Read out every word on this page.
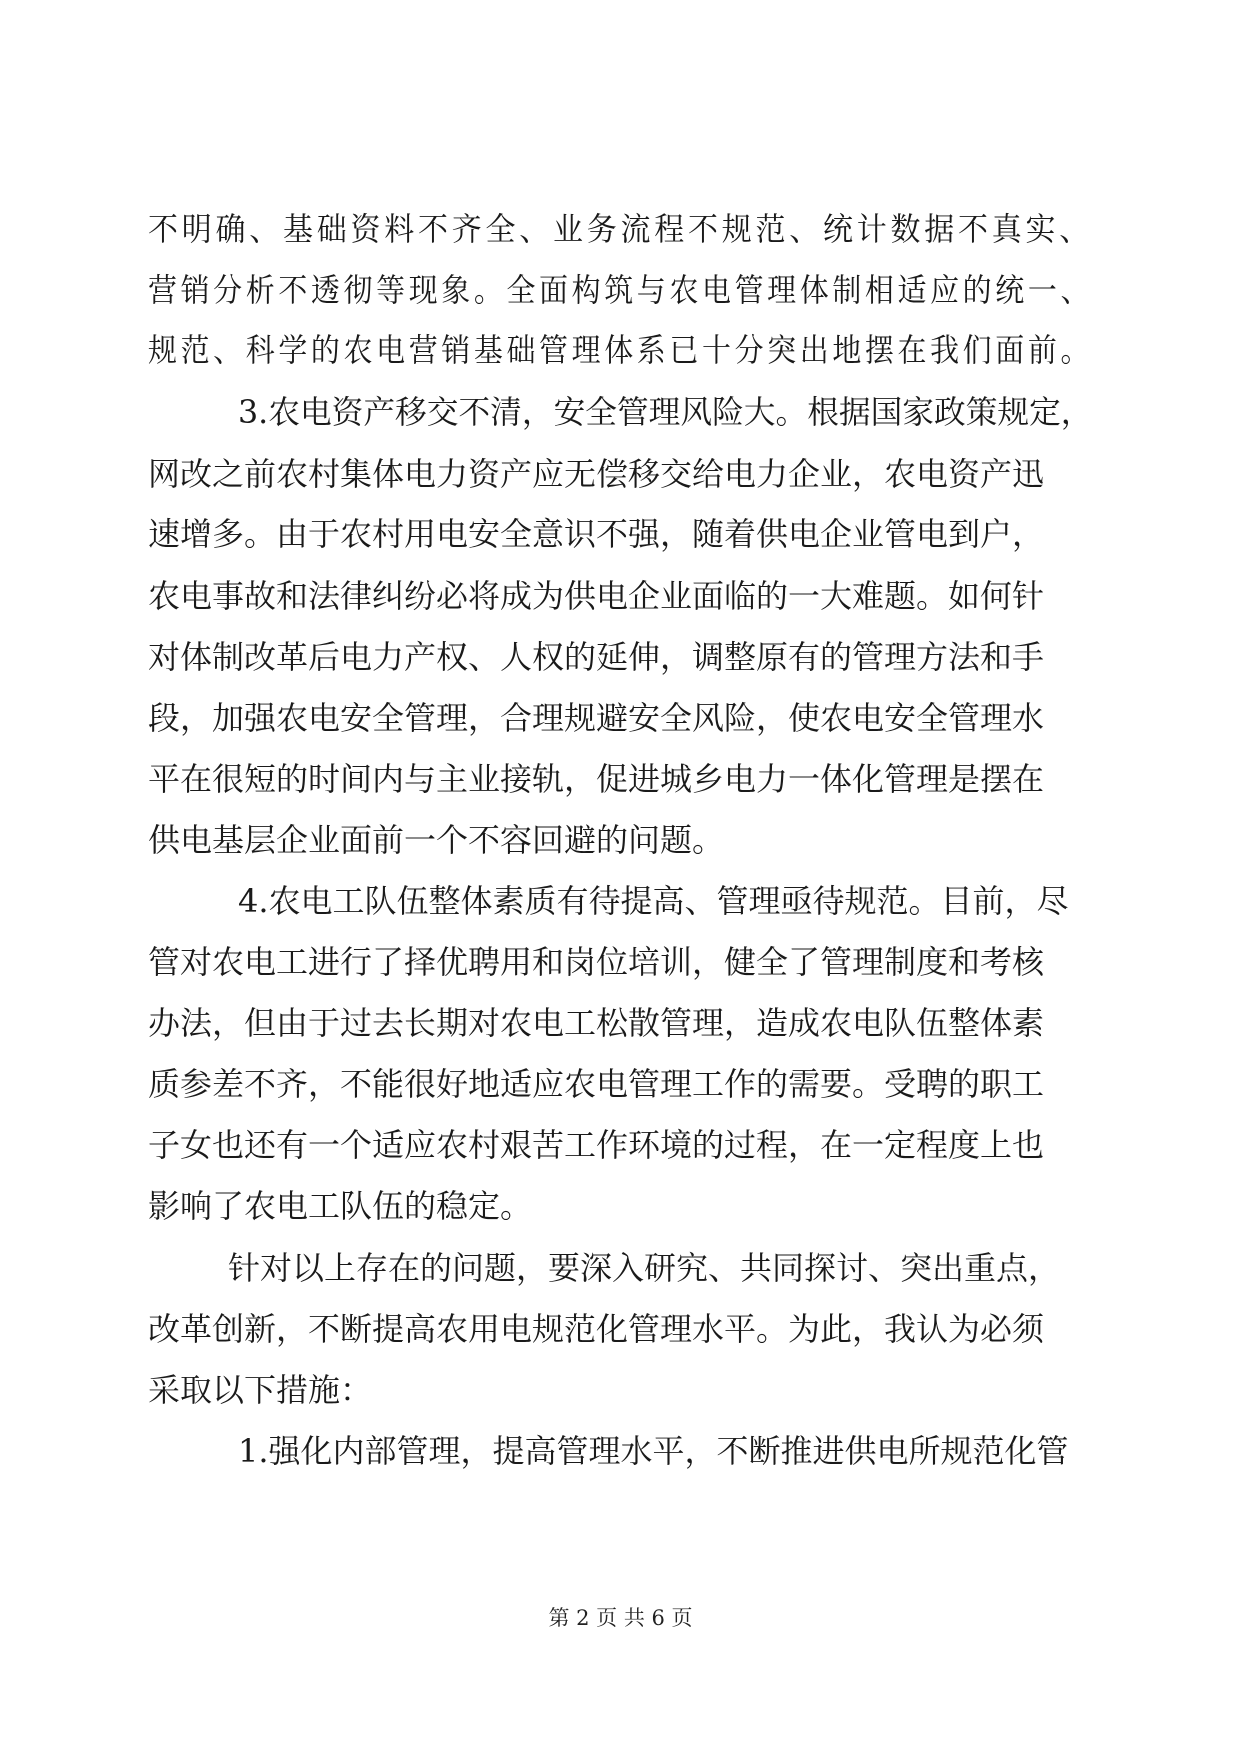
不明确、基础资料不齐全、业务流程不规范、统计数据不真实、
营销分析不透彻等现象。全面构筑与农电管理体制相适应的统一、
规范、科学的农电营销基础管理体系已十分突出地摆在我们面前。
3.农电资产移交不清，安全管理风险大。根据国家政策规定，
网改之前农村集体电力资产应无偿移交给电力企业，农电资产迅
速增多。由于农村用电安全意识不强，随着供电企业管电到户，
农电事故和法律纠纷必将成为供电企业面临的一大难题。如何针
对体制改革后电力产权、人权的延伸，调整原有的管理方法和手
段，加强农电安全管理，合理规避安全风险，使农电安全管理水
平在很短的时间内与主业接轨，促进城乡电力一体化管理是摆在
供电基层企业面前一个不容回避的问题。
4.农电工队伍整体素质有待提高、管理亟待规范。目前，尽
管对农电工进行了择优聘用和岗位培训，健全了管理制度和考核
办法，但由于过去长期对农电工松散管理，造成农电队伍整体素
质参差不齐，不能很好地适应农电管理工作的需要。受聘的职工
子女也还有一个适应农村艰苦工作环境的过程，在一定程度上也
影响了农电工队伍的稳定。
针对以上存在的问题，要深入研究、共同探讨、突出重点，
改革创新，不断提高农用电规范化管理水平。为此，我认为必须
采取以下措施：
1.强化内部管理，提高管理水平，不断推进供电所规范化管
第 2 页 共 6 页
